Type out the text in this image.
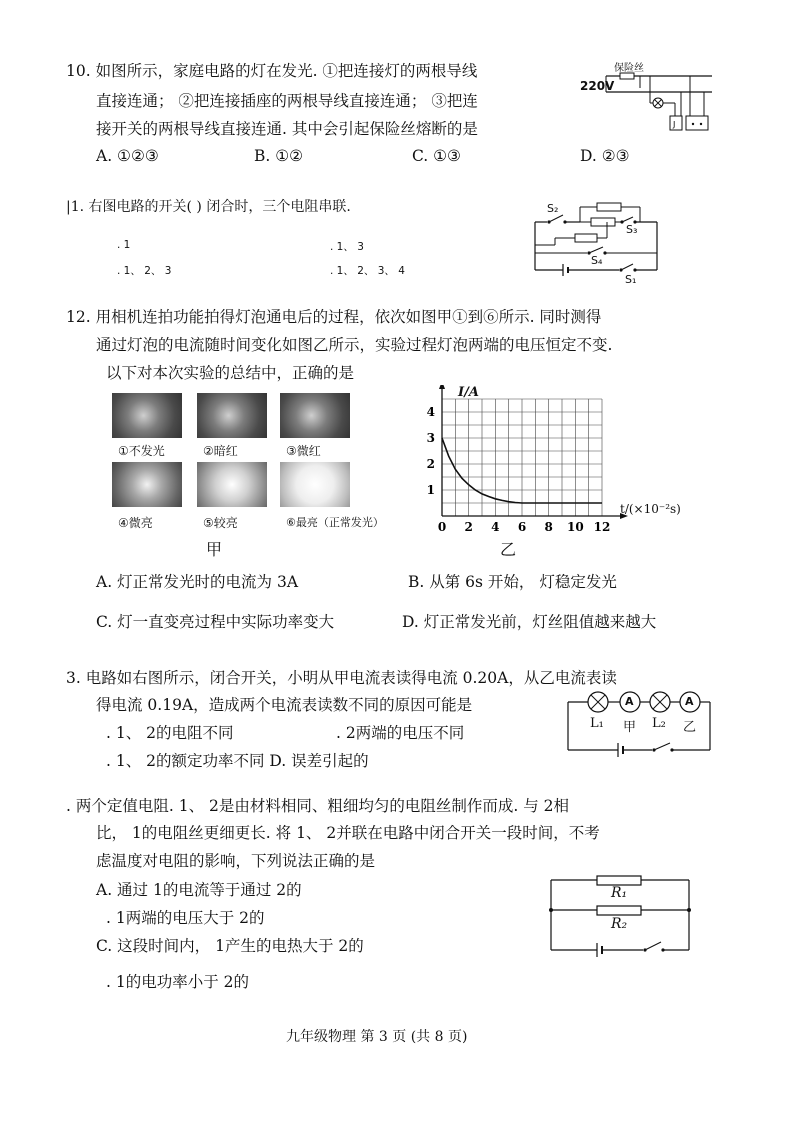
10. 如图所示，家庭电路的灯在发光. ①把连接灯的两根导线
直接连通； ②把连接插座的两根导线直接连通； ③把连
接开关的两根导线直接连通. 其中会引起保险丝熔断的是
A. ①②③	B. ①②	C. ①③	D. ②③
J
220V
保险丝
|1. 右图电路的开关( ) 闭合时，三个电阻串联.
. 1	. 1、 3
. 1、 2、 3	. 1、 2、 3、 4
S₂
S₃
S₄
S₁
12. 用相机连拍功能拍得灯泡通电后的过程，依次如图甲①到⑥所示. 同时测得
通过灯泡的电流随时间变化如图乙所示，实验过程灯泡两端的电压恒定不变.
以下对本次实验的总结中，正确的是
①不发光	②暗红	③微红
④微亮	⑤较亮	⑥最亮（正常发光）
甲
0 2 4 6 8 10 12
1
2
3
4
I/A
t/(×10⁻²s)
乙
A. 灯正常发光时的电流为 3A	B. 从第 6s 开始， 灯稳定发光
C. 灯一直变亮过程中实际功率变大	D. 灯正常发光前，灯丝阻值越来越大
3. 电路如右图所示，闭合开关，小明从甲电流表读得电流 0.20A，从乙电流表读
得电流 0.19A，造成两个电流表读数不同的原因可能是
. 1、 2的电阻不同	. 2两端的电压不同
. 1、 2的额定功率不同 D. 误差引起的
A	A
L₁ 甲 L₂ 乙
. 两个定值电阻. 1、 2是由材料相同、粗细均匀的电阻丝制作而成. 与 2相
比， 1的电阻丝更细更长. 将 1、 2并联在电路中闭合开关一段时间，不考
虑温度对电阻的影响，下列说法正确的是
A. 通过 1的电流等于通过 2的
. 1两端的电压大于 2的
C. 这段时间内， 1产生的电热大于 2的
. 1的电功率小于 2的
R₁
R₂
九年级物理 第 3 页 (共 8 页)
